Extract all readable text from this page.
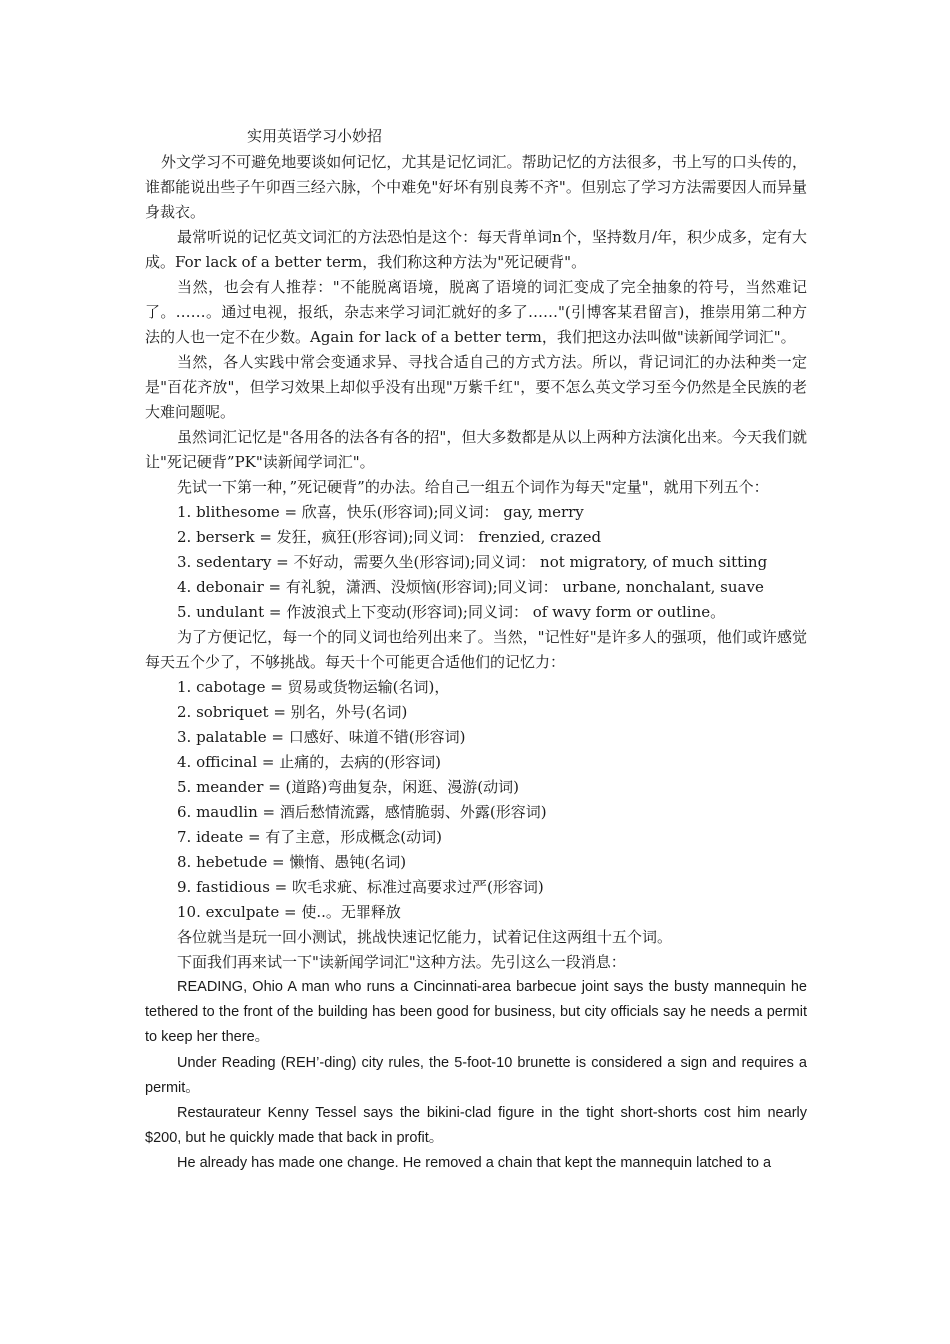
实用英语学习小妙招

外文学习不可避免地要谈如何记忆，尤其是记忆词汇。帮助记忆的方法很多，书上写的口头传的，谁都能说出些子午卯酉三经六脉，个中难免"好坏有别良莠不齐"。但别忘了学习方法需要因人而异量身裁衣。

最常听说的记忆英文词汇的方法恐怕是这个：每天背单词n个，坚持数月/年，积少成多，定有大成。For lack of a better term，我们称这种方法为"死记硬背"。

当然，也会有人推荐："不能脱离语境，脱离了语境的词汇变成了完全抽象的符号，当然难记了。……。通过电视，报纸，杂志来学习词汇就好的多了……"(引博客某君留言)，推崇用第二种方法的人也一定不在少数。Again for lack of a better term，我们把这办法叫做"读新闻学词汇"。

当然，各人实践中常会变通求异、寻找合适自己的方式方法。所以，背记词汇的办法种类一定是"百花齐放"，但学习效果上却似乎没有出现"万紫千红"，要不怎么英文学习至今仍然是全民族的老大难问题呢。

虽然词汇记忆是"各用各的法各有各的招"，但大多数都是从以上两种方法演化出来。今天我们就让"死记硬背”PK"读新闻学词汇"。

先试一下第一种，”死记硬背”的办法。给自己一组五个词作为每天"定量"，就用下列五个：

1. blithesome = 欣喜，快乐(形容词);同义词： gay, merry
2. berserk = 发狂，疯狂(形容词);同义词： frenzied, crazed
3. sedentary = 不好动，需要久坐(形容词);同义词： not migratory, of much sitting
4. debonair = 有礼貌，潇洒、没烦恼(形容词);同义词： urbane, nonchalant, suave
5. undulant = 作波浪式上下变动(形容词);同义词： of wavy form or outline。

为了方便记忆，每一个的同义词也给列出来了。当然，"记性好"是许多人的强项，他们或许感觉每天五个少了，不够挑战。每天十个可能更合适他们的记忆力：

1. cabotage = 贸易或货物运输(名词)，
2. sobriquet = 别名，外号(名词)
3. palatable = 口感好、味道不错(形容词)
4. officinal = 止痛的，去病的(形容词)
5. meander = (道路)弯曲复杂，闲逛、漫游(动词)
6. maudlin = 酒后愁情流露，感情脆弱、外露(形容词)
7. ideate = 有了主意，形成概念(动词)
8. hebetude = 懒惰、愚钝(名词)
9. fastidious = 吹毛求疵、标准过高要求过严(形容词)
10. exculpate = 使..。无罪释放

各位就当是玩一回小测试，挑战快速记忆能力，试着记住这两组十五个词。

下面我们再来试一下"读新闻学词汇"这种方法。先引这么一段消息：

READING, Ohio A man who runs a Cincinnati-area barbecue joint says the busty mannequin he tethered to the front of the building has been good for business, but city officials say he needs a permit to keep her there。

Under Reading (REH’-ding) city rules, the 5-foot-10 brunette is considered a sign and requires a permit。

Restaurateur Kenny Tessel says the bikini-clad figure in the tight short-shorts cost him nearly $200, but he quickly made that back in profit。

He already has made one change. He removed a chain that kept the mannequin latched to a
